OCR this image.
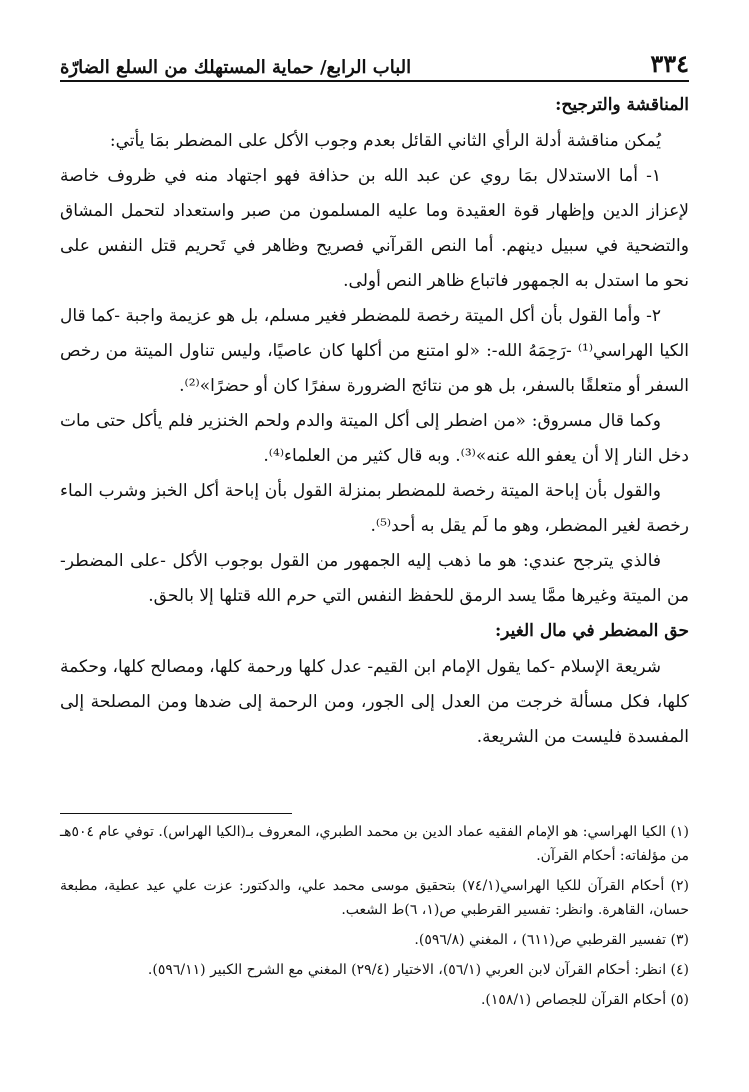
٣٣٤
الباب الرابع/ حماية المستهلك من السلع الضارّة

المناقشة والترجيح:

يُمكن مناقشة أدلة الرأي الثاني القائل بعدم وجوب الأكل على المضطر بمَا يأتي:

١- أما الاستدلال بمَا روي عن عبد الله بن حذافة فهو اجتهاد منه في ظروف خاصة لإعزاز الدين وإظهار قوة العقيدة وما عليه المسلمون من صبر واستعداد لتحمل المشاق والتضحية في سبيل دينهم. أما النص القرآني فصريح وظاهر في تَحريم قتل النفس على نحو ما استدل به الجمهور فاتباع ظاهر النص أولى.

٢- وأما القول بأن أكل الميتة رخصة للمضطر فغير مسلم، بل هو عزيمة واجبة -كما قال الكيا الهراسي⁽¹⁾ -رَحِمَهُ الله-: «لو امتنع من أكلها كان عاصيًا، وليس تناول الميتة من رخص السفر أو متعلقًا بالسفر، بل هو من نتائج الضرورة سفرًا كان أو حضرًا»⁽²⁾.

وكما قال مسروق: «من اضطر إلى أكل الميتة والدم ولحم الخنزير فلم يأكل حتى مات دخل النار إلا أن يعفو الله عنه»⁽³⁾. وبه قال كثير من العلماء⁽⁴⁾.

والقول بأن إباحة الميتة رخصة للمضطر بمنزلة القول بأن إباحة أكل الخبز وشرب الماء رخصة لغير المضطر، وهو ما لَم يقل به أحد⁽⁵⁾.

فالذي يترجح عندي: هو ما ذهب إليه الجمهور من القول بوجوب الأكل -على المضطر- من الميتة وغيرها ممَّا يسد الرمق للحفظ النفس التي حرم الله قتلها إلا بالحق.

حق المضطر في مال الغير:

شريعة الإسلام -كما يقول الإمام ابن القيم- عدل كلها ورحمة كلها، ومصالح كلها، وحكمة كلها، فكل مسألة خرجت من العدل إلى الجور، ومن الرحمة إلى ضدها ومن المصلحة إلى المفسدة فليست من الشريعة.

(١) الكيا الهراسي: هو الإمام الفقيه عماد الدين بن محمد الطبري، المعروف بـ(الكيا الهراس). توفي عام ٥٠٤هـ من مؤلفاته: أحكام القرآن.

(٢) أحكام القرآن للكيا الهراسي(٧٤/١) بتحقيق موسى محمد علي، والدكتور: عزت علي عيد عطية، مطبعة حسان، القاهرة. وانظر: تفسير القرطبي ص(١، ٦)ط الشعب.

(٣) تفسير القرطبي ص(٦١١) ، المغني (٥٩٦/٨).

(٤) انظر: أحكام القرآن لابن العربي (٥٦/١)، الاختيار (٢٩/٤) المغني مع الشرح الكبير (٥٩٦/١١).

(٥) أحكام القرآن للجصاص (١٥٨/١).
